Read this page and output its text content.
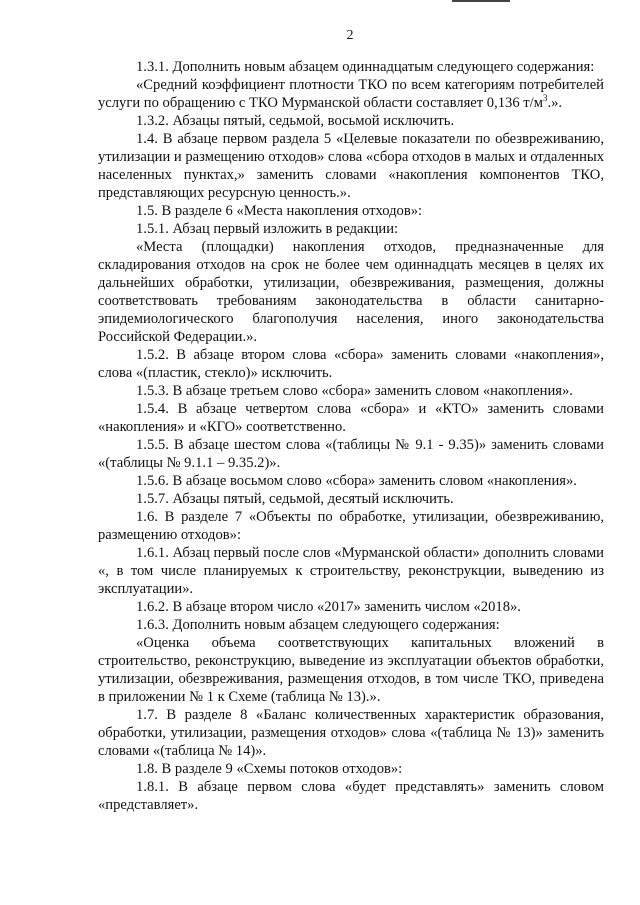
2

1.3.1. Дополнить новым абзацем одиннадцатым следующего содержания:

«Средний коэффициент плотности ТКО по всем категориям потребителей услуги по обращению с ТКО Мурманской области составляет 0,136 $т/м^3$.».

1.3.2. Абзацы пятый, седьмой, восьмой исключить.

1.4. В абзаце первом раздела 5 «Целевые показатели по обезвреживанию, утилизации и размещению отходов» слова «сбора отходов в малых и отдаленных населенных пунктах,» заменить словами «накопления компонентов ТКО, представляющих ресурсную ценность.».

1.5. В разделе 6 «Места накопления отходов»:

1.5.1. Абзац первый изложить в редакции:

«Места (площадки) накопления отходов, предназначенные для складирования отходов на срок не более чем одиннадцать месяцев в целях их дальнейших обработки, утилизации, обезвреживания, размещения, должны соответствовать требованиям законодательства в области санитарно-эпидемиологического благополучия населения, иного законодательства Российской Федерации.».

1.5.2. В абзаце втором слова «сбора» заменить словами «накопления», слова «(пластик, стекло)» исключить.

1.5.3. В абзаце третьем слово «сбора» заменить словом «накопления».

1.5.4. В абзаце четвертом слова «сбора» и «КТО» заменить словами «накопления» и «КГО» соответственно.

1.5.5. В абзаце шестом слова «(таблицы № 9.1 - 9.35)» заменить словами «(таблицы № 9.1.1 – 9.35.2)».

1.5.6. В абзаце восьмом слово «сбора» заменить словом «накопления».

1.5.7. Абзацы пятый, седьмой, десятый исключить.

1.6. В разделе 7 «Объекты по обработке, утилизации, обезвреживанию, размещению отходов»:

1.6.1. Абзац первый после слов «Мурманской области» дополнить словами «, в том числе планируемых к строительству, реконструкции, выведению из эксплуатации».

1.6.2. В абзаце втором число «2017» заменить числом «2018».

1.6.3. Дополнить новым абзацем следующего содержания:

«Оценка объема соответствующих капитальных вложений в строительство, реконструкцию, выведение из эксплуатации объектов обработки, утилизации, обезвреживания, размещения отходов, в том числе ТКО, приведена в приложении № 1 к Схеме (таблица № 13).».

1.7. В разделе 8 «Баланс количественных характеристик образования, обработки, утилизации, размещения отходов» слова «(таблица № 13)» заменить словами «(таблица № 14)».

1.8. В разделе 9 «Схемы потоков отходов»:

1.8.1. В абзаце первом слова «будет представлять» заменить словом «представляет».
